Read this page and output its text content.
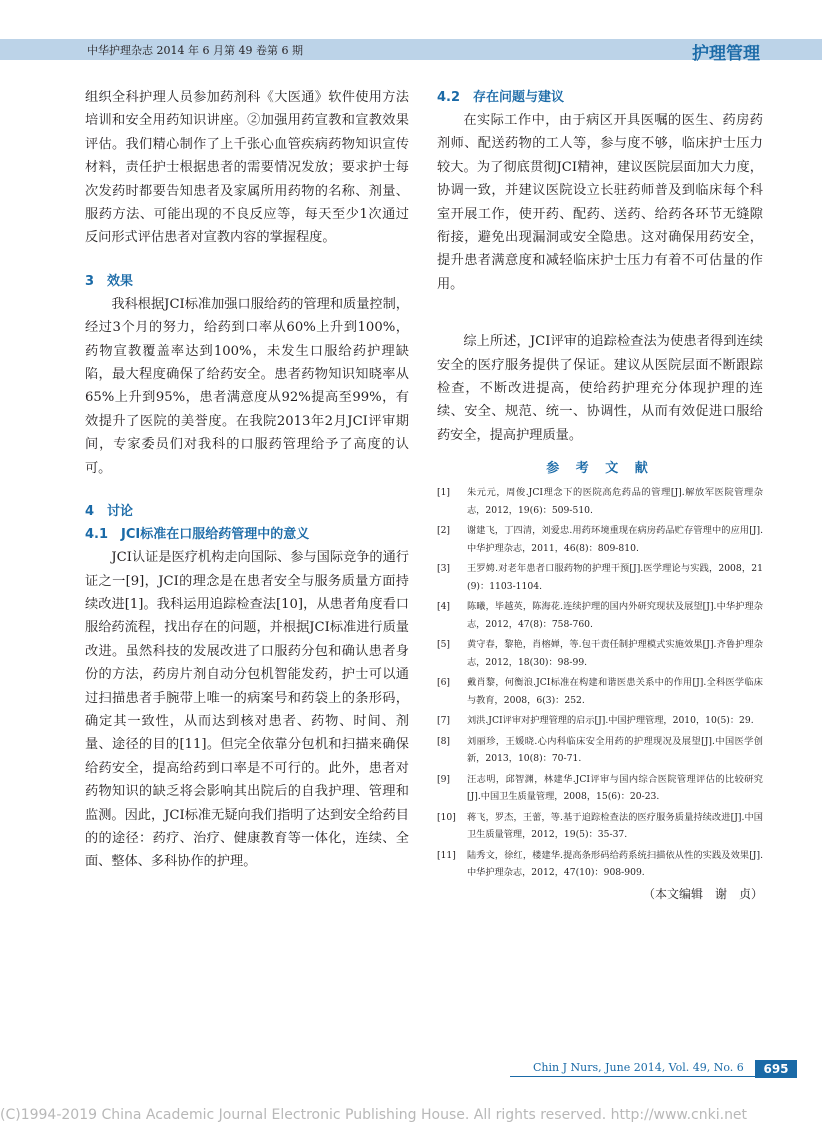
中华护理杂志 2014 年 6 月第 49 卷第 6 期	护理管理

组织全科护理人员参加药剂科《大医通》软件使用方法培训和安全用药知识讲座。②加强用药宣教和宣教效果评估。我们精心制作了上千张心血管疾病药物知识宣传材料，责任护士根据患者的需要情况发放；要求护士每次发药时都要告知患者及家属所用药物的名称、剂量、服药方法、可能出现的不良反应等，每天至少1次通过反问形式评估患者对宣教内容的掌握程度。

3　效果

我科根据JCI标准加强口服给药的管理和质量控制，经过3个月的努力，给药到口率从60%上升到100%，药物宣教覆盖率达到100%，未发生口服给药护理缺陷，最大程度确保了给药安全。患者药物知识知晓率从65%上升到95%，患者满意度从92%提高至99%，有效提升了医院的美誉度。在我院2013年2月JCI评审期间，专家委员们对我科的口服药管理给予了高度的认可。

4　讨论

4.1　JCI标准在口服给药管理中的意义

JCI认证是医疗机构走向国际、参与国际竞争的通行证之一[9]，JCI的理念是在患者安全与服务质量方面持续改进[1]。我科运用追踪检查法[10]，从患者角度看口服给药流程，找出存在的问题，并根据JCI标准进行质量改进。虽然科技的发展改进了口服药分包和确认患者身份的方法，药房片剂自动分包机智能发药，护士可以通过扫描患者手腕带上唯一的病案号和药袋上的条形码，确定其一致性，从而达到核对患者、药物、时间、剂量、途径的目的[11]。但完全依靠分包机和扫描来确保给药安全，提高给药到口率是不可行的。此外，患者对药物知识的缺乏将会影响其出院后的自我护理、管理和监测。因此，JCI标准无疑向我们指明了达到安全给药目的的途径：药疗、治疗、健康教育等一体化，连续、全面、整体、多科协作的护理。

4.2　存在问题与建议

在实际工作中，由于病区开具医嘱的医生、药房药剂师、配送药物的工人等，参与度不够，临床护士压力较大。为了彻底贯彻JCI精神，建议医院层面加大力度，协调一致，并建议医院设立长驻药师普及到临床每个科室开展工作，使开药、配药、送药、给药各环节无缝隙衔接，避免出现漏洞或安全隐患。这对确保用药安全，提升患者满意度和减轻临床护士压力有着不可估量的作用。

综上所述，JCI评审的追踪检查法为使患者得到连续安全的医疗服务提供了保证。建议从医院层面不断跟踪检查，不断改进提高，使给药护理充分体现护理的连续、安全、规范、统一、协调性，从而有效促进口服给药安全，提高护理质量。

参 考 文 献
[1]	朱元元，周俊.JCI理念下的医院高危药品的管理[J].解放军医院管理杂志，2012，19(6)：509-510.
[2]	谢建飞，丁四清，刘爱忠.用药环境重现在病房药品贮存管理中的应用[J].中华护理杂志，2011，46(8)：809-810.
[3]	王罗娉.对老年患者口服药物的护理干预[J].医学理论与实践，2008，21(9)：1103-1104.
[4]	陈曦，毕越英，陈海花.连续护理的国内外研究现状及展望[J].中华护理杂志，2012，47(8)：758-760.
[5]	黄守春，黎艳，肖榕婵，等.包干责任制护理模式实施效果[J].齐鲁护理杂志，2012，18(30)：98-99.
[6]	戴肖黎，何衡浪.JCI标准在构建和谐医患关系中的作用[J].全科医学临床与教育，2008，6(3)：252.
[7]	刘洪.JCI评审对护理管理的启示[J].中国护理管理，2010，10(5)：29.
[8]	刘丽珍，王媛晓.心内科临床安全用药的护理现况及展望[J].中国医学创新，2013，10(8)：70-71.
[9]	汪志明，邱智渊，林建华.JCI评审与国内综合医院管理评估的比较研究[J].中国卫生质量管理，2008，15(6)：20-23.
[10]	蒋飞，罗杰，王蕾，等.基于追踪检查法的医疗服务质量持续改进[J].中国卫生质量管理，2012，19(5)：35-37.
[11]	陆秀文，徐红，楼建华.提高条形码给药系统扫描依从性的实践及效果[J].中华护理杂志，2012，47(10)：908-909.
（本文编辑　谢　贞）
Chin J Nurs, June 2014, Vol. 49, No. 6	695
(C)1994-2019 China Academic Journal Electronic Publishing House. All rights reserved. http://www.cnki.net
